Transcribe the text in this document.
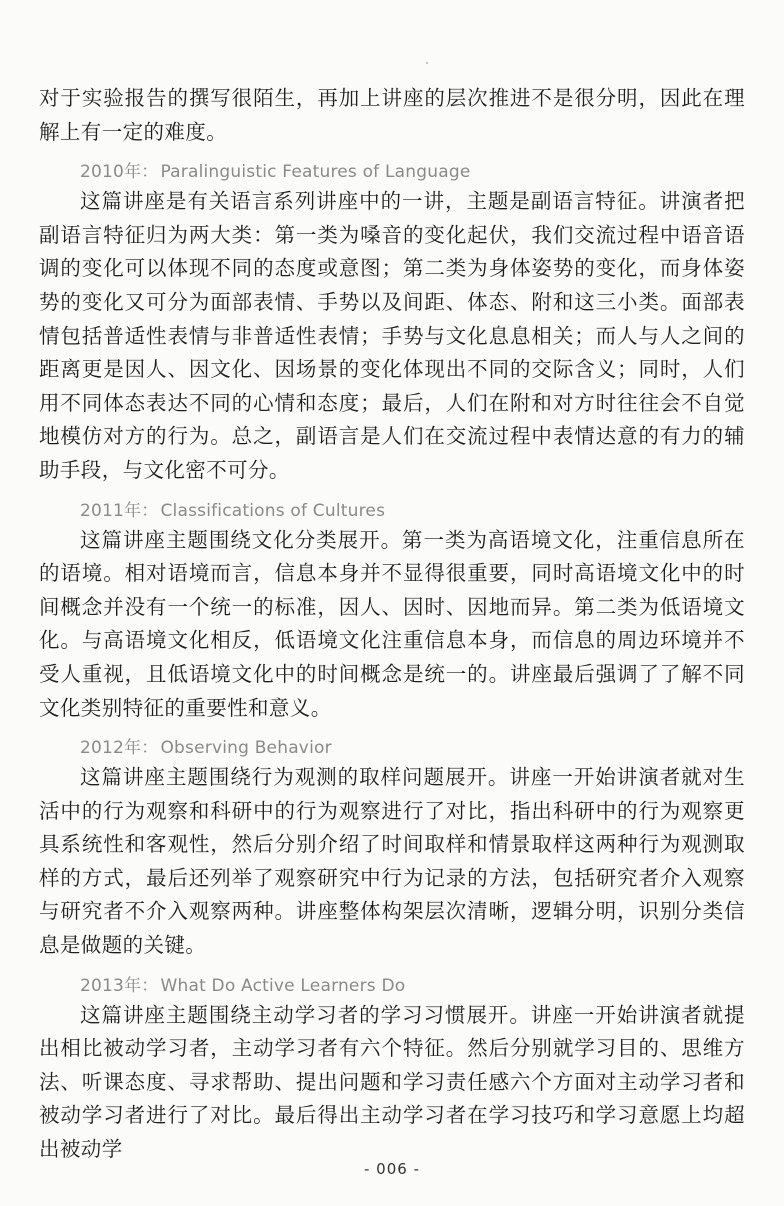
对于实验报告的撰写很陌生，再加上讲座的层次推进不是很分明，因此在理解上有一定的难度。

2010年： Paralinguistic Features of Language

这篇讲座是有关语言系列讲座中的一讲，主题是副语言特征。讲演者把副语言特征归为两大类：第一类为嗓音的变化起伏，我们交流过程中语音语调的变化可以体现不同的态度或意图；第二类为身体姿势的变化，而身体姿势的变化又可分为面部表情、手势以及间距、体态、附和这三小类。面部表情包括普适性表情与非普适性表情；手势与文化息息相关；而人与人之间的距离更是因人、因文化、因场景的变化体现出不同的交际含义；同时，人们用不同体态表达不同的心情和态度；最后，人们在附和对方时往往会不自觉地模仿对方的行为。总之，副语言是人们在交流过程中表情达意的有力的辅助手段，与文化密不可分。

2011年： Classifications of Cultures

这篇讲座主题围绕文化分类展开。第一类为高语境文化，注重信息所在的语境。相对语境而言，信息本身并不显得很重要，同时高语境文化中的时间概念并没有一个统一的标准，因人、因时、因地而异。第二类为低语境文化。与高语境文化相反，低语境文化注重信息本身，而信息的周边环境并不受人重视，且低语境文化中的时间概念是统一的。讲座最后强调了了解不同文化类别特征的重要性和意义。

2012年： Observing Behavior

这篇讲座主题围绕行为观测的取样问题展开。讲座一开始讲演者就对生活中的行为观察和科研中的行为观察进行了对比，指出科研中的行为观察更具系统性和客观性，然后分别介绍了时间取样和情景取样这两种行为观测取样的方式，最后还列举了观察研究中行为记录的方法，包括研究者介入观察与研究者不介入观察两种。讲座整体构架层次清晰，逻辑分明，识别分类信息是做题的关键。

2013年： What Do Active Learners Do

这篇讲座主题围绕主动学习者的学习习惯展开。讲座一开始讲演者就提出相比被动学习者，主动学习者有六个特征。然后分别就学习目的、思维方法、听课态度、寻求帮助、提出问题和学习责任感六个方面对主动学习者和被动学习者进行了对比。最后得出主动学习者在学习技巧和学习意愿上均超出被动学

- 006 -
